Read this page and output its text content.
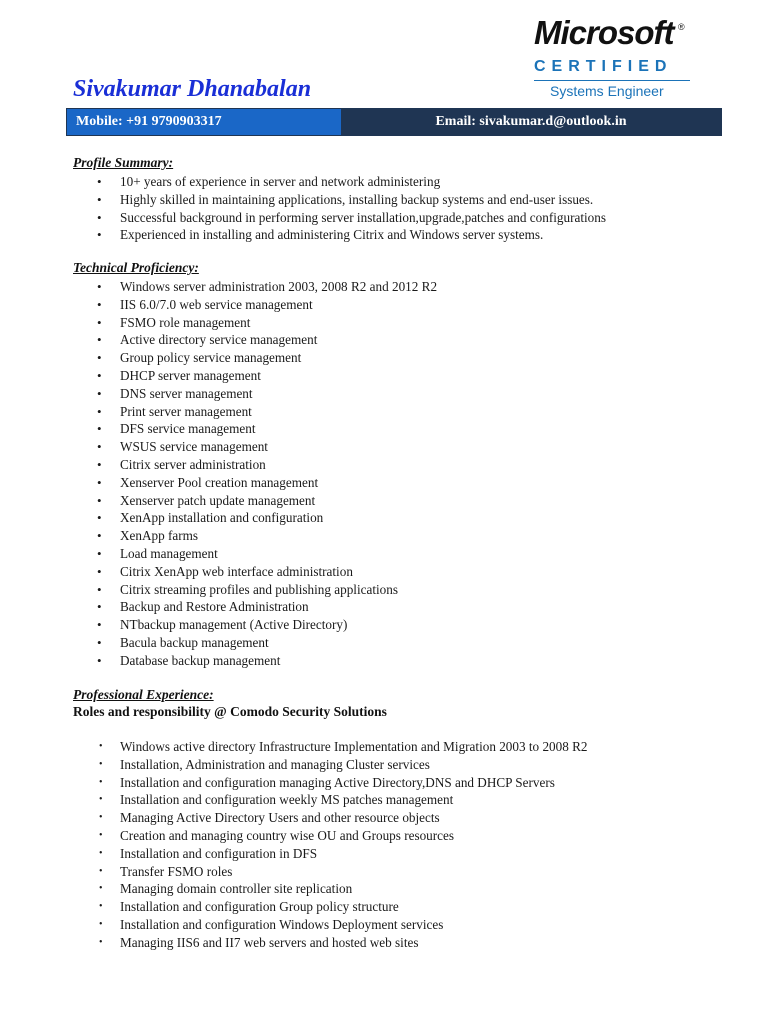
Microsoft ®
CERTIFIED
Systems Engineer
Sivakumar Dhanabalan
Mobile: +91 9790903317	Email: sivakumar.d@outlook.in
Profile Summary:
• 10+ years of experience in server and network administering
• Highly skilled in maintaining applications, installing backup systems and end-user issues.
• Successful background in performing server installation,upgrade,patches and configurations
• Experienced in installing and administering Citrix and Windows server systems.
Technical Proficiency:
• Windows server administration 2003, 2008 R2 and 2012 R2
• IIS 6.0/7.0 web service management
• FSMO role management
• Active directory service management
• Group policy service management
• DHCP server management
• DNS server management
• Print server management
• DFS service management
• WSUS service management
• Citrix server administration
• Xenserver Pool creation management
• Xenserver patch update management
• XenApp installation and configuration
• XenApp farms
• Load management
• Citrix XenApp web interface administration
• Citrix streaming profiles and publishing applications
• Backup and Restore Administration
• NTbackup management (Active Directory)
• Bacula backup management
• Database backup management
Professional Experience:
Roles and responsibility @ Comodo Security Solutions
• Windows active directory Infrastructure Implementation and Migration 2003 to 2008 R2
• Installation, Administration and managing Cluster services
• Installation and configuration managing Active Directory,DNS and DHCP Servers
• Installation and configuration weekly MS patches management
• Managing Active Directory Users and other resource objects
• Creation and managing country wise OU and Groups resources
• Installation and configuration in DFS
• Transfer FSMO roles
• Managing domain controller site replication
• Installation and configuration Group policy structure
• Installation and configuration Windows Deployment services
• Managing IIS6 and II7 web servers and hosted web sites
